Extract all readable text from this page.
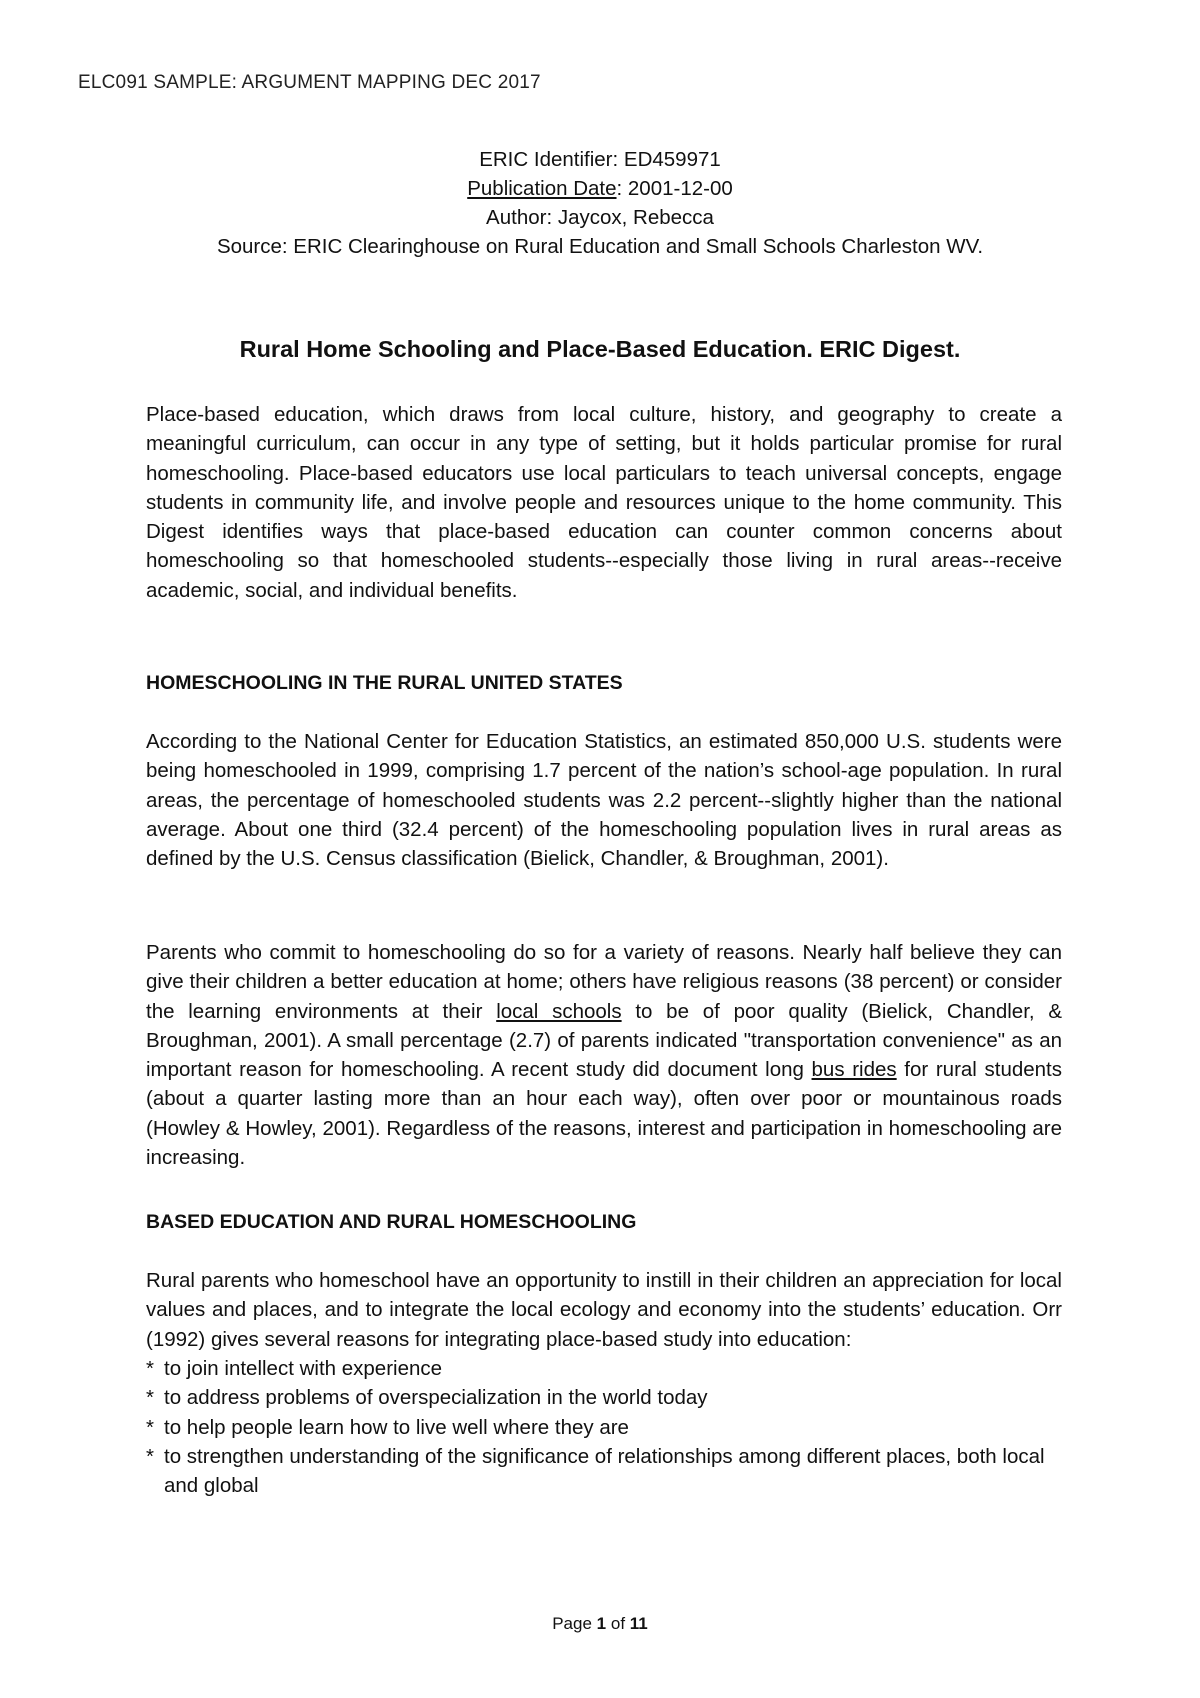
ELC091 SAMPLE: ARGUMENT MAPPING DEC 2017
ERIC Identifier: ED459971
Publication Date: 2001-12-00
Author: Jaycox, Rebecca
Source: ERIC Clearinghouse on Rural Education and Small Schools Charleston WV.
Rural Home Schooling and Place-Based Education. ERIC Digest.
Place-based education, which draws from local culture, history, and geography to create a meaningful curriculum, can occur in any type of setting, but it holds particular promise for rural homeschooling. Place-based educators use local particulars to teach universal concepts, engage students in community life, and involve people and resources unique to the home community. This Digest identifies ways that place-based education can counter common concerns about homeschooling so that homeschooled students--especially those living in rural areas--receive academic, social, and individual benefits.
HOMESCHOOLING IN THE RURAL UNITED STATES
According to the National Center for Education Statistics, an estimated 850,000 U.S. students were being homeschooled in 1999, comprising 1.7 percent of the nation’s school-age population. In rural areas, the percentage of homeschooled students was 2.2 percent--slightly higher than the national average. About one third (32.4 percent) of the homeschooling population lives in rural areas as defined by the U.S. Census classification (Bielick, Chandler, & Broughman, 2001).
Parents who commit to homeschooling do so for a variety of reasons. Nearly half believe they can give their children a better education at home; others have religious reasons (38 percent) or consider the learning environments at their local schools to be of poor quality (Bielick, Chandler, & Broughman, 2001). A small percentage (2.7) of parents indicated "transportation convenience" as an important reason for homeschooling. A recent study did document long bus rides for rural students (about a quarter lasting more than an hour each way), often over poor or mountainous roads (Howley & Howley, 2001). Regardless of the reasons, interest and participation in homeschooling are increasing.
BASED EDUCATION AND RURAL HOMESCHOOLING
Rural parents who homeschool have an opportunity to instill in their children an appreciation for local values and places, and to integrate the local ecology and economy into the students’ education. Orr (1992) gives several reasons for integrating place-based study into education:
* to join intellect with experience
* to address problems of overspecialization in the world today
* to help people learn how to live well where they are
* to strengthen understanding of the significance of relationships among different places, both local and global
Page 1 of 11
